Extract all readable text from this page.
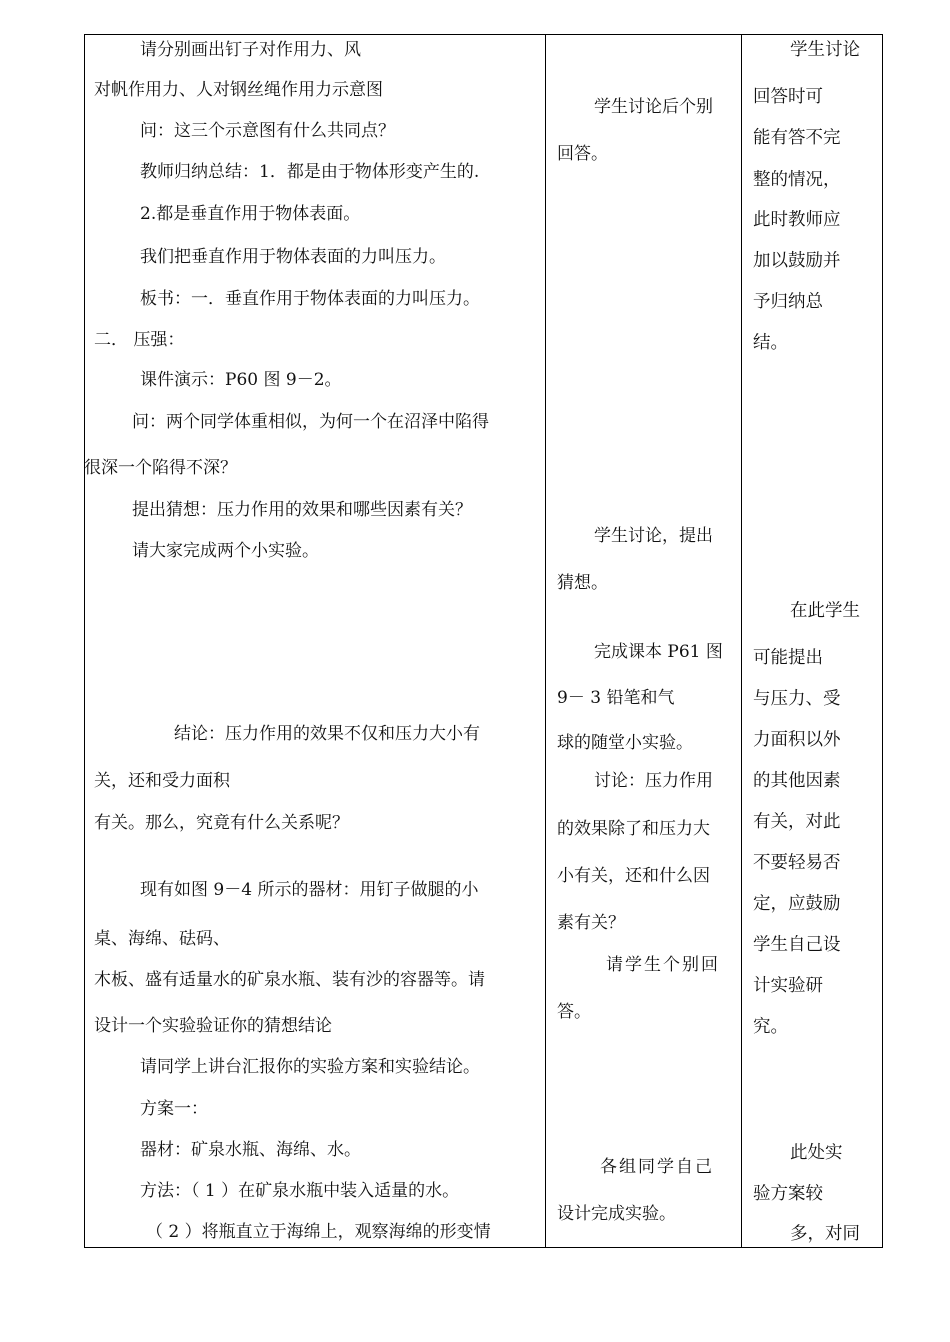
请分别画出钉子对作用力、风
对帆作用力、人对钢丝绳作用力示意图
问：这三个示意图有什么共同点？
教师归纳总结：1．都是由于物体形变产生的.
2.都是垂直作用于物体表面。
我们把垂直作用于物体表面的力叫压力。
板书：一．垂直作用于物体表面的力叫压力。
二． 压强：
课件演示：P60 图 9－2。
问：两个同学体重相似，为何一个在沼泽中陷得
很深一个陷得不深？
提出猜想：压力作用的效果和哪些因素有关？
请大家完成两个小实验。
结论：压力作用的效果不仅和压力大小有
关，还和受力面积
有关。那么，究竟有什么关系呢？
现有如图 9－4 所示的器材：用钉子做腿的小
桌、海绵、砝码、
木板、盛有适量水的矿泉水瓶、装有沙的容器等。请
设计一个实验验证你的猜想结论
请同学上讲台汇报你的实验方案和实验结论。
方案一：
器材：矿泉水瓶、海绵、水。
方法：（ 1 ）在矿泉水瓶中装入适量的水。
（ 2 ）将瓶直立于海绵上，观察海绵的形变情
学生讨论后个别
回答。
学生讨论，提出
猜想。
完成课本 P61 图
9－ 3 铅笔和气
球的随堂小实验。
讨论：压力作用
的效果除了和压力大
小有关，还和什么因
素有关？
请学生个别回
答。
各组同学自己
设计完成实验。
学生讨论
回答时可
能有答不完
整的情况，
此时教师应
加以鼓励并
予归纳总
结。
在此学生
可能提出
与压力、受
力面积以外
的其他因素
有关，对此
不要轻易否
定，应鼓励
学生自己设
计实验研
究。
此处实
验方案较
多，对同
